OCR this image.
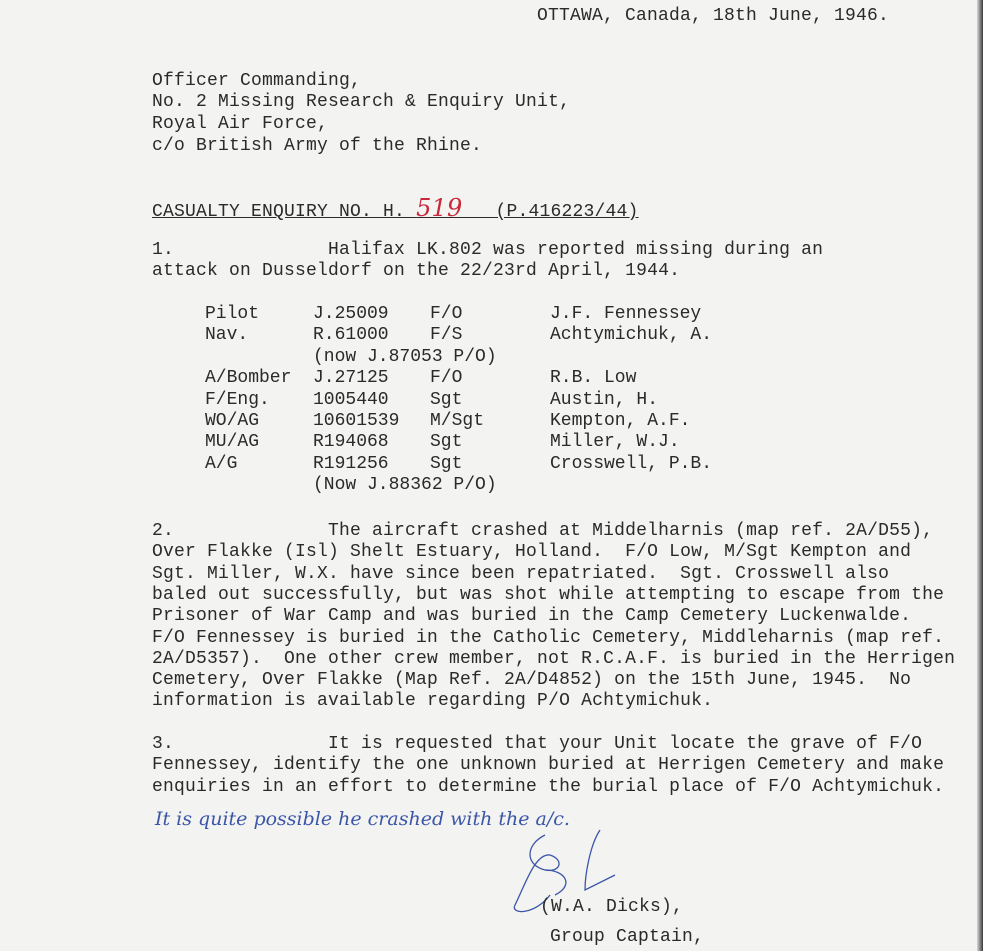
OTTAWA, Canada, 18th June, 1946.
Officer Commanding,
No. 2 Missing Research & Enquiry Unit,
Royal Air Force,
c/o British Army of the Rhine.
CASUALTY ENQUIRY NO. H. 519 (P.416223/44)
1.              Halifax LK.802 was reported missing during an
attack on Dusseldorf on the 22/23rd April, 1944.
Pilot	J.25009 F/O	J.F. Fennessey
Nav.	R.61000 F/S	Achtymichuk, A.
(now J.87053 P/O)
A/Bomber J.27125 F/O	R.B. Low
F/Eng. 1005440 Sgt	Austin, H.
WO/AG	10601539 M/Sgt	Kempton, A.F.
MU/AG	R194068 Sgt	Miller, W.J.
A/G	R191256 Sgt	Crosswell, P.B.
(Now J.88362 P/O)
2.              The aircraft crashed at Middelharnis (map ref. 2A/D55),
Over Flakke (Isl) Shelt Estuary, Holland.  F/O Low, M/Sgt Kempton and
Sgt. Miller, W.X. have since been repatriated.  Sgt. Crosswell also
baled out successfully, but was shot while attempting to escape from the
Prisoner of War Camp and was buried in the Camp Cemetery Luckenwalde.
F/O Fennessey is buried in the Catholic Cemetery, Middleharnis (map ref.
2A/D5357).  One other crew member, not R.C.A.F. is buried in the Herrigen
Cemetery, Over Flakke (Map Ref. 2A/D4852) on the 15th June, 1945.  No
information is available regarding P/O Achtymichuk.
3.              It is requested that your Unit locate the grave of F/O
Fennessey, identify the one unknown buried at Herrigen Cemetery and make
enquiries in an effort to determine the burial place of F/O Achtymichuk.
It is quite possible he crashed with the a/c.
(W.A. Dicks),
Group Captain,
